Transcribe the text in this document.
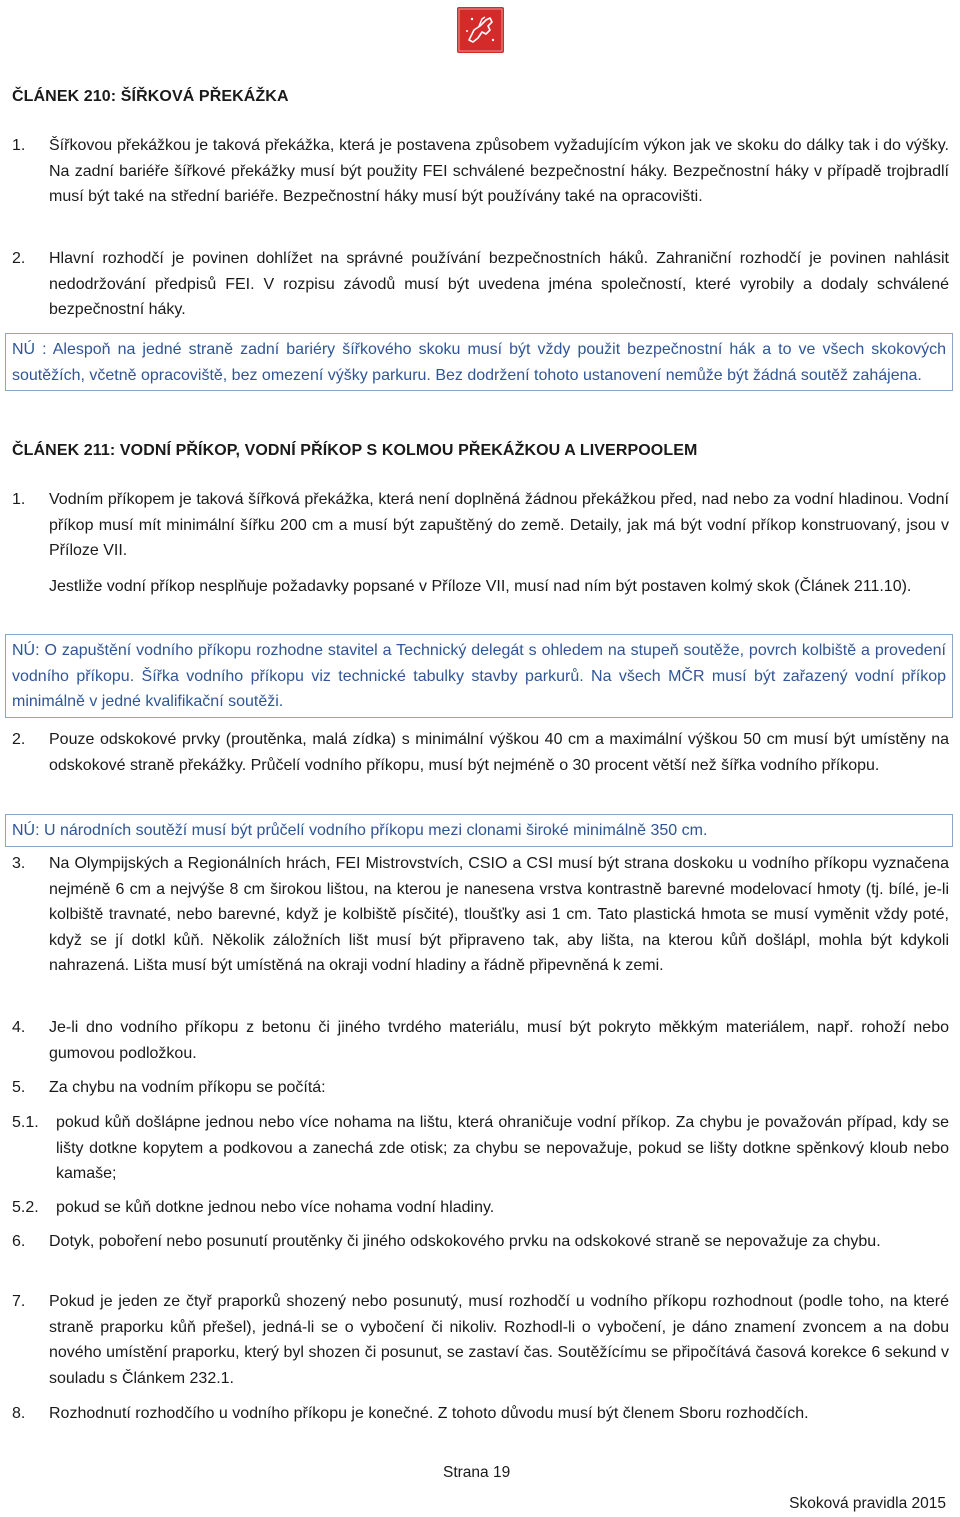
ČLÁNEK 210: ŠÍŘKOVÁ PŘEKÁŽKA
1. Šířkovou překážkou je taková překážka, která je postavena způsobem vyžadujícím výkon jak ve skoku do dálky tak i do výšky. Na zadní bariéře šířkové překážky musí být použity FEI schválené bezpečnostní háky. Bezpečnostní háky v případě trojbradlí musí být také na střední bariéře. Bezpečnostní háky musí být používány také na opracovišti.
2. Hlavní rozhodčí je povinen dohlížet na správné používání bezpečnostních háků. Zahraniční rozhodčí je povinen nahlásit nedodržování předpisů FEI. V rozpisu závodů musí být uvedena jména společností, které vyrobily a dodaly schválené bezpečnostní háky.
NÚ : Alespoň na jedné straně zadní bariéry šířkového skoku musí být vždy použit bezpečnostní hák a to ve všech skokových soutěžích, včetně opracoviště, bez omezení výšky parkuru. Bez dodržení tohoto ustanovení nemůže být žádná soutěž zahájena.
ČLÁNEK 211: VODNÍ PŘÍKOP, VODNÍ PŘÍKOP S KOLMOU PŘEKÁŽKOU A LIVERPOOLEM
1. Vodním příkopem je taková šířková překážka, která není doplněná žádnou překážkou před, nad nebo za vodní hladinou. Vodní příkop musí mít minimální šířku 200 cm a musí být zapuštěný do země. Detaily, jak má být vodní příkop konstruovaný, jsou v Příloze VII.
Jestliže vodní příkop nesplňuje požadavky popsané v Příloze VII, musí nad ním být postaven kolmý skok (Článek 211.10).
NÚ: O zapuštění vodního příkopu rozhodne stavitel a Technický delegát s ohledem na stupeň soutěže, povrch kolbiště a provedení vodního příkopu. Šířka vodního příkopu viz technické tabulky stavby parkurů. Na všech MČR musí být zařazený vodní příkop minimálně v jedné kvalifikační soutěži.
2. Pouze odskokové prvky (proutěnka, malá zídka) s minimální výškou 40 cm a maximální výškou 50 cm musí být umístěny na odskokové straně překážky. Průčelí vodního příkopu, musí být nejméně o 30 procent větší než šířka vodního příkopu.
NÚ: U národních soutěží musí být průčelí vodního příkopu mezi clonami široké minimálně 350 cm.
3. Na Olympijských a Regionálních hrách, FEI Mistrovstvích, CSIO a CSI musí být strana doskoku u vodního příkopu vyznačena nejméně 6 cm a nejvýše 8 cm širokou lištou, na kterou je nanesena vrstva kontrastně barevné modelovací hmoty (tj. bílé, je-li kolbiště travnaté, nebo barevné, když je kolbiště písčité), tloušťky asi 1 cm. Tato plastická hmota se musí vyměnit vždy poté, když se jí dotkl kůň. Několik záložních lišt musí být připraveno tak, aby lišta, na kterou kůň došlápl, mohla být kdykoli nahrazená. Lišta musí být umístěná na okraji vodní hladiny a řádně připevněná k zemi.
4. Je-li dno vodního příkopu z betonu či jiného tvrdého materiálu, musí být pokryto měkkým materiálem, např. rohoží nebo gumovou podložkou.
5. Za chybu na vodním příkopu se počítá:
5.1. pokud kůň došlápne jednou nebo více nohama na lištu, která ohraničuje vodní příkop. Za chybu je považován případ, kdy se lišty dotkne kopytem a podkovou a zanechá zde otisk; za chybu se nepovažuje, pokud se lišty dotkne spěnkový kloub nebo kamaše;
5.2. pokud se kůň dotkne jednou nebo více nohama vodní hladiny.
6. Dotyk, poboření nebo posunutí proutěnky či jiného odskokového prvku na odskokové straně se nepovažuje za chybu.
7. Pokud je jeden ze čtyř praporků shozený nebo posunutý, musí rozhodčí u vodního příkopu rozhodnout (podle toho, na které straně praporku kůň přešel), jedná-li se o vybočení či nikoliv. Rozhodl-li o vybočení, je dáno znamení zvoncem a na dobu nového umístění praporku, který byl shozen či posunut, se zastaví čas. Soutěžícímu se připočítává časová korekce 6 sekund v souladu s Článkem 232.1.
8. Rozhodnutí rozhodčího u vodního příkopu je konečné. Z tohoto důvodu musí být členem Sboru rozhodčích.
Strana 19
Skoková pravidla 2015
